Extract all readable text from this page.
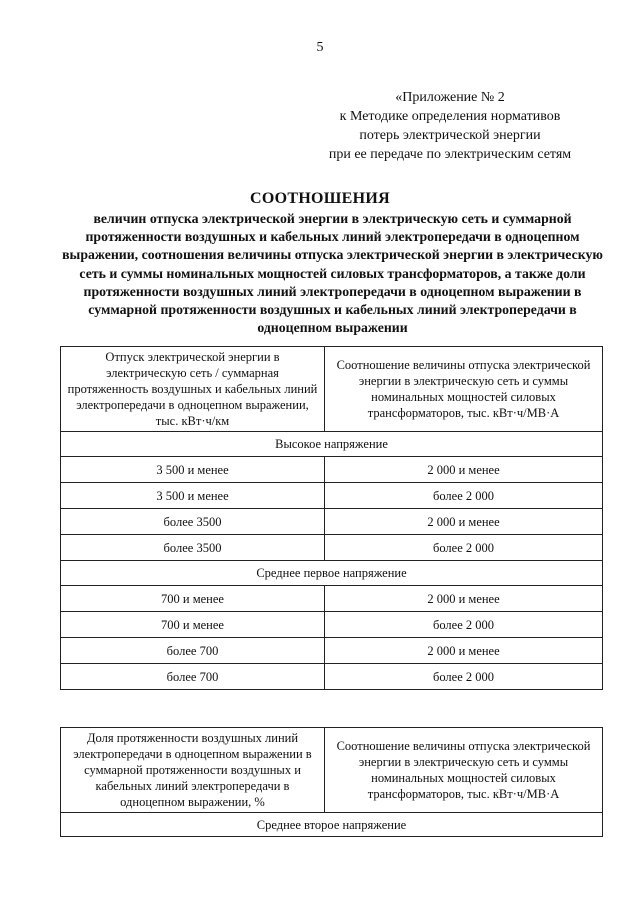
5
«Приложение № 2
к Методике определения нормативов
потерь электрической энергии
при ее передаче по электрическим сетям
СООТНОШЕНИЯ
величин отпуска электрической энергии в электрическую сеть и суммарной протяженности воздушных и кабельных линий электропередачи в одноцепном выражении, соотношения величины отпуска электрической энергии в электрическую сеть и суммы номинальных мощностей силовых трансформаторов, а также доли протяженности воздушных линий электропередачи в одноцепном выражении в суммарной протяженности воздушных и кабельных линий электропередачи в одноцепном выражении
Отпуск электрической энергии в электрическую сеть / суммарная протяженность воздушных и кабельных линий электропередачи в одноцепном выражении, тыс. кВт·ч/км	Соотношение величины отпуска электрической энергии в электрическую сеть и суммы номинальных мощностей силовых трансформаторов, тыс. кВт·ч/МВ·А
Высокое напряжение	
3 500 и менее	2 000 и менее
3 500 и менее	более 2 000
более 3500	2 000 и менее
более 3500	более 2 000
Среднее первое напряжение	
700 и менее	2 000 и менее
700 и менее	более 2 000
более 700	2 000 и менее
более 700	более 2 000
Доля протяженности воздушных линий электропередачи в одноцепном выражении в суммарной протяженности воздушных и кабельных линий электропередачи в одноцепном выражении, %	Соотношение величины отпуска электрической энергии в электрическую сеть и суммы номинальных мощностей силовых трансформаторов, тыс. кВт·ч/МВ·А
Среднее второе напряжение
